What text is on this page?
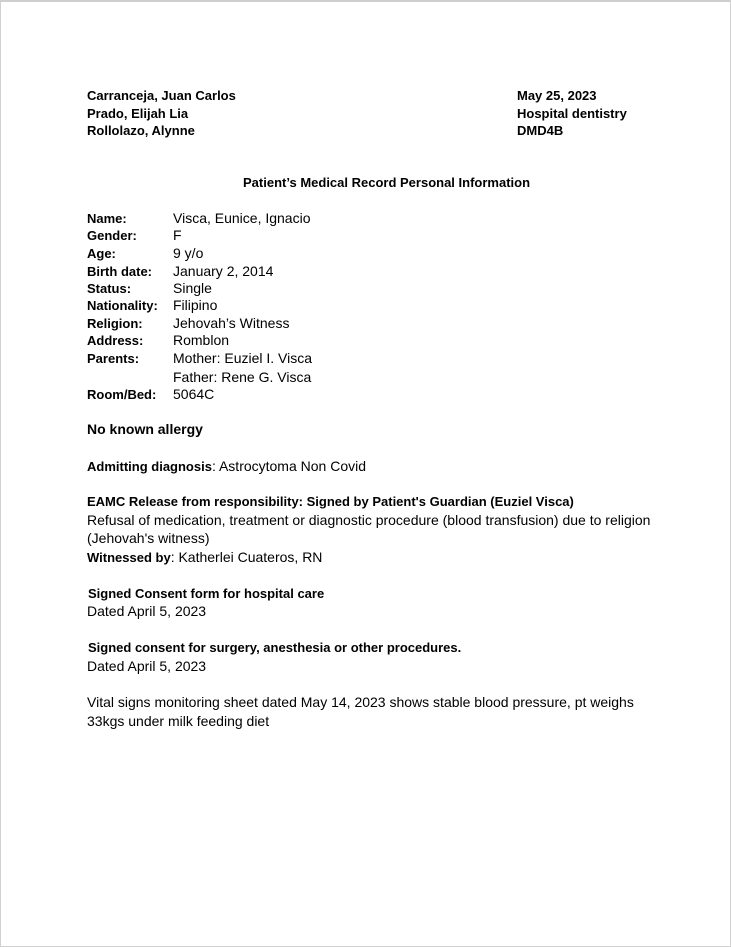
Carranceja, Juan Carlos
Prado, Elijah Lia
Rollolazo, Alynne
May 25, 2023
Hospital dentistry
DMD4B
Patient’s Medical Record Personal Information
Name:	Visca, Eunice, Ignacio
Gender:	F
Age:	9 y/o
Birth date: January 2, 2014
Status:	Single
Nationality: Filipino
Religion: Jehovah’s Witness
Address: Romblon
Parents: Mother: Euziel I. Visca
Father: Rene G. Visca
Room/Bed: 5064C
No known allergy
Admitting diagnosis: Astrocytoma Non Covid
EAMC Release from responsibility: Signed by Patient's Guardian (Euziel Visca)
Refusal of medication, treatment or diagnostic procedure (blood transfusion) due to religion
(Jehovah's witness)
Witnessed by: Katherlei Cuateros, RN
Signed Consent form for hospital care
Dated April 5, 2023
Signed consent for surgery, anesthesia or other procedures.
Dated April 5, 2023
Vital signs monitoring sheet dated May 14, 2023 shows stable blood pressure, pt weighs
33kgs under milk feeding diet
